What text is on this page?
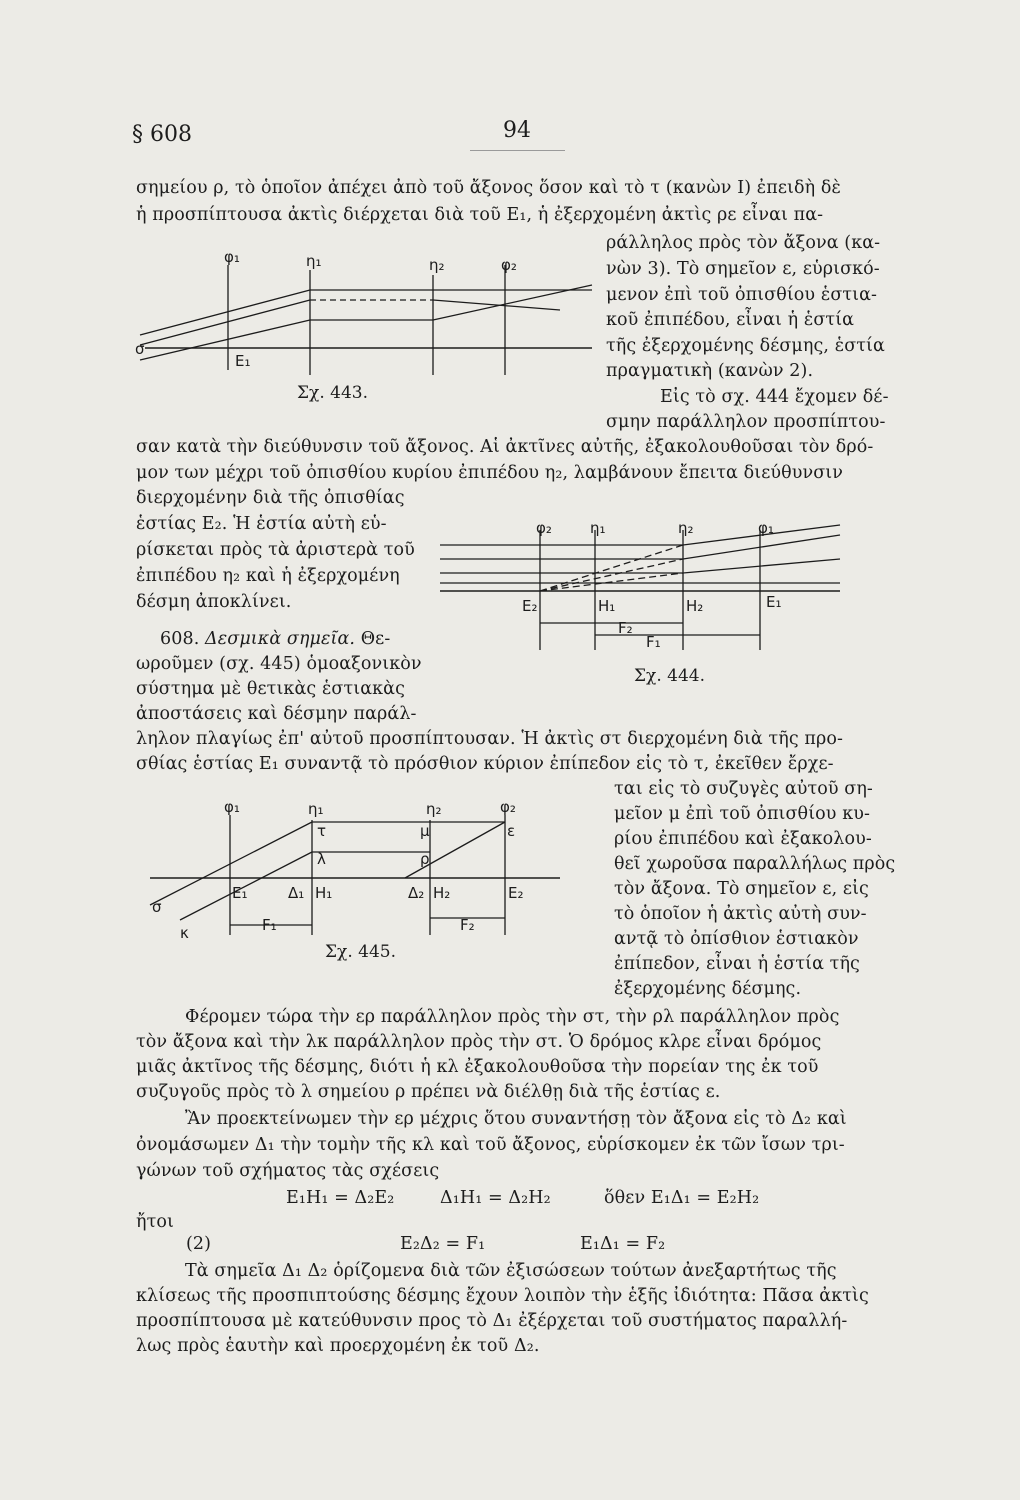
§ 608	94
σημείου ρ, τὸ ὁποῖον ἀπέχει ἀπὸ τοῦ ἄξονος ὅσον καὶ τὸ τ (κανὼν Ι) ἐπειδὴ δὲ
ἡ προσπίπτουσα ἀκτὶς διέρχεται διὰ τοῦ Ε₁, ἡ ἐξερχομένη ἀκτὶς ρε εἶναι πα-
ράλληλος πρὸς τὸν ἄξονα (κα-
νὼν 3). Τὸ σημεῖον ε, εὑρισκό-
μενον ἐπὶ τοῦ ὀπισθίου ἑστια-
κοῦ ἐπιπέδου, εἶναι ἡ ἑστία
τῆς ἐξερχομένης δέσμης, ἑστία
πραγματικὴ (κανὼν 2).
Εἰς τὸ σχ. 444 ἔχομεν δέ-
σμην παράλληλον προσπίπτου-
σαν κατὰ τὴν διεύθυνσιν τοῦ ἄξονος. Αἱ ἀκτῖνες αὐτῆς, ἐξακολουθοῦσαι τὸν δρό-
μον των μέχρι τοῦ ὀπισθίου κυρίου ἐπιπέδου η₂, λαμβάνουν ἔπειτα διεύθυνσιν
διερχομένην διὰ τῆς ὀπισθίας
ἑστίας Ε₂. Ἡ ἑστία αὐτὴ εὑ-
ρίσκεται πρὸς τὰ ἀριστερὰ τοῦ
ἐπιπέδου η₂ καὶ ἡ ἐξερχομένη
δέσμη ἀποκλίνει.
608. Δεσμικὰ σημεῖα. Θε-
ωροῦμεν (σχ. 445) ὁμοαξονικὸν
σύστημα μὲ θετικὰς ἑστιακὰς
ἀποστάσεις καὶ δέσμην παράλ-
ληλον πλαγίως ἐπ' αὐτοῦ προσπίπτουσαν. Ἡ ἀκτὶς στ διερχομένη διὰ τῆς προ-
σθίας ἑστίας Ε₁ συναντᾷ τὸ πρόσθιον κύριον ἐπίπεδον εἰς τὸ τ, ἐκεῖθεν ἔρχε-
ται εἰς τὸ συζυγὲς αὐτοῦ ση-
μεῖον μ ἐπὶ τοῦ ὀπισθίου κυ-
ρίου ἐπιπέδου καὶ ἐξακολου-
θεῖ χωροῦσα παραλλήλως πρὸς
τὸν ἄξονα. Τὸ σημεῖον ε, εἰς
τὸ ὁποῖον ἡ ἀκτὶς αὐτὴ συν-
αντᾷ τὸ ὀπίσθιον ἑστιακὸν
ἐπίπεδον, εἶναι ἡ ἑστία τῆς
ἐξερχομένης δέσμης.
Φέρομεν τώρα τὴν ερ παράλληλον πρὸς τὴν στ, τὴν ρλ παράλληλον πρὸς
τὸν ἄξονα καὶ τὴν λκ παράλληλον πρὸς τὴν στ. Ὁ δρόμος κλρε εἶναι δρόμος
μιᾶς ἀκτῖνος τῆς δέσμης, διότι ἡ κλ ἐξακολουθοῦσα τὴν πορείαν της ἐκ τοῦ
συζυγοῦς πρὸς τὸ λ σημείου ρ πρέπει νὰ διέλθῃ διὰ τῆς ἑστίας ε.
Ἂν προεκτείνωμεν τὴν ερ μέχρις ὅτου συναντήσῃ τὸν ἄξονα εἰς τὸ Δ₂ καὶ
ὀνομάσωμεν Δ₁ τὴν τομὴν τῆς κλ καὶ τοῦ ἄξονος, εὑρίσκομεν ἐκ τῶν ἴσων τρι-
γώνων τοῦ σχήματος τὰς σχέσεις
Ε₁Η₁ = Δ₂Ε₂	Δ₁Η₁ = Δ₂Η₂	ὅθεν Ε₁Δ₁ = Ε₂Η₂
ἤτοι
(2)	Ε₂Δ₂ = F₁	Ε₁Δ₁ = F₂
Τὰ σημεῖα Δ₁ Δ₂ ὁρίζομενα διὰ τῶν ἐξισώσεων τούτων ἀνεξαρτήτως τῆς
κλίσεως τῆς προσπιπτούσης δέσμης ἔχουν λοιπὸν τὴν ἑξῆς ἰδιότητα: Πᾶσα ἀκτὶς
προσπίπτουσα μὲ κατεύθυνσιν προς τὸ Δ₁ ἐξέρχεται τοῦ συστήματος παραλλή-
λως πρὸς ἑαυτὴν καὶ προερχομένη ἐκ τοῦ Δ₂.
φ₁	η₁	η₂	φ₂
σ
Ε₁
Σχ. 443.
φ₂	η₁	η₂	φ₁
Ε₂	Η₁	Η₂	Ε₁
F₂
F₁
Σχ. 444.
φ₁	η₁	η₂	φ₂
τ	μ
λ	ρ
ε
Ε₁	Δ₁ Η₁	Δ₂ Η₂	Ε₂
σ
κ	F₁	F₂
Σχ. 445.
